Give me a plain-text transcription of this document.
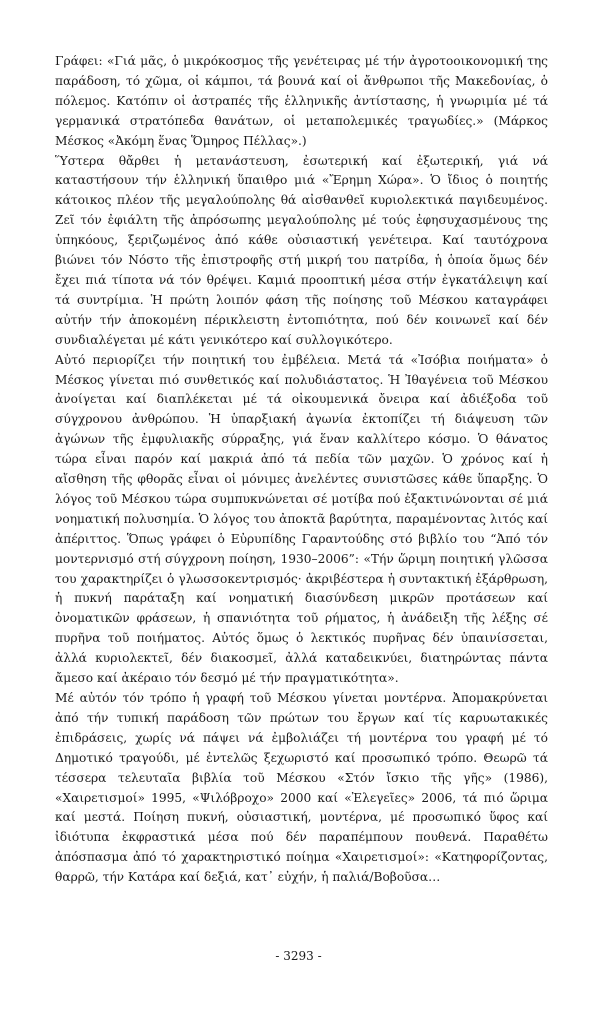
Γράφει: «Γιά μᾶς, ὁ μικρόκοσμος τῆς γενέτειρας μέ τήν ἀγροτοοικονομική της παράδοση, τό χῶμα, οἱ κάμποι, τά βουνά καί οἱ ἄνθρωποι τῆς Μακεδονίας, ὁ πόλεμος. Κατόπιν οἱ ἀστραπές τῆς ἑλληνικῆς ἀντίστασης, ἡ γνωριμία μέ τά γερμανικά στρατόπεδα θανάτων, οἱ μεταπολεμικές τραγωδίες.» (Μάρκος Μέσκος «Ἀκόμη ἕνας Ὅμηρος Πέλλας».)

Ὕστερα θἄρθει ἡ μετανάστευση, ἐσωτερική καί ἐξωτερική, γιά νά καταστήσουν τήν ἑλληνική ὕπαιθρο μιά «Ἔρημη Χώρα». Ὁ ἴδιος ὁ ποιητής κάτοικος πλέον τῆς μεγαλούπολης θά αἰσθανθεῖ κυριολεκτικά παγιδευμένος. Ζεῖ τόν ἐφιάλτη τῆς ἀπρόσωπης μεγαλούπολης μέ τούς ἐφησυχασμένους της ὑπηκόους, ξεριζωμένος ἀπό κάθε οὐσιαστική γενέτειρα. Καί ταυτόχρονα βιώνει τόν Νόστο τῆς ἐπιστροφῆς στή μικρή του πατρίδα, ἡ ὁποία ὅμως δέν ἔχει πιά τίποτα νά τόν θρέψει. Καμιά προοπτική μέσα στήν ἐγκατάλειψη καί τά συντρίμια. Ἡ πρώτη λοιπόν φάση τῆς ποίησης τοῦ Μέσκου καταγράφει αὐτήν τήν ἀποκομένη πέρικλειστη ἐντοπιότητα, πού δέν κοινωνεῖ καί δέν συνδιαλέγεται μέ κάτι γενικότερο καί συλλογικότερο.

Αὐτό περιορίζει τήν ποιητική του ἐμβέλεια. Μετά τά «Ἰσόβια ποιήματα» ὁ Μέσκος γίνεται πιό συνθετικός καί πολυδιάστατος. Ἡ Ἰθαγένεια τοῦ Μέσκου ἀνοίγεται καί διαπλέκεται μέ τά οἰκουμενικά ὄνειρα καί ἀδιέξοδα τοῦ σύγχρονου ἀνθρώπου. Ἡ ὑπαρξιακή ἀγωνία ἐκτοπίζει τή διάψευση τῶν ἀγώνων τῆς ἐμφυλιακῆς σύρραξης, γιά ἕναν καλλίτερο κόσμο. Ὁ θάνατος τώρα εἶναι παρόν καί μακριά ἀπό τά πεδία τῶν μαχῶν. Ὁ χρόνος καί ἡ αἴσθηση τῆς φθορᾶς εἶναι οἱ μόνιμες ἀνελέντες συνιστῶσες κάθε ὕπαρξης. Ὁ λόγος τοῦ Μέσκου τώρα συμπυκνώνεται σέ μοτίβα πού ἐξακτινώνονται σέ μιά νοηματική πολυσημία. Ὁ λόγος του ἀποκτᾶ βαρύτητα, παραμένοντας λιτός καί ἀπέριττος. Ὅπως γράφει ὁ Εὐρυπίδης Γαραντούδης στό βιβλίο του “Ἀπό τόν μοντερνισμό στή σύγχρονη ποίηση, 1930–2006”: «Τήν ὥριμη ποιητική γλῶσσα του χαρακτηρίζει ὁ γλωσσοκεντρισμός· ἀκριβέστερα ἡ συντακτική ἐξάρθρωση, ἡ πυκνή παράταξη καί νοηματική διασύνδεση μικρῶν προτάσεων καί ὀνοματικῶν φράσεων, ἡ σπανιότητα τοῦ ρήματος, ἡ ἀνάδειξη τῆς λέξης σέ πυρῆνα τοῦ ποιήματος. Αὐτός ὅμως ὁ λεκτικός πυρῆνας δέν ὑπαινίσσεται, ἀλλά κυριολεκτεῖ, δέν διακοσμεῖ, ἀλλά καταδεικνύει, διατηρώντας πάντα ἄμεσο καί ἀκέραιο τόν δεσμό μέ τήν πραγματικότητα».

Μέ αὐτόν τόν τρόπο ἡ γραφή τοῦ Μέσκου γίνεται μοντέρνα. Ἀπομακρύνεται ἀπό τήν τυπική παράδοση τῶν πρώτων του ἔργων καί τίς καρυωτακικές ἐπιδράσεις, χωρίς νά πάψει νά ἐμβολιάζει τή μοντέρνα του γραφή μέ τό Δημοτικό τραγούδι, μέ ἐντελῶς ξεχωριστό καί προσωπικό τρόπο. Θεωρῶ τά τέσσερα τελευταῖα βιβλία τοῦ Μέσκου «Στόν ἴσκιο τῆς γῆς» (1986), «Χαιρετισμοί» 1995, «Ψιλόβροχο» 2000 καί «Ἐλεγεῖες» 2006, τά πιό ὥριμα καί μεστά. Ποίηση πυκνή, οὐσιαστική, μοντέρνα, μέ προσωπικό ὕφος καί ἰδιότυπα ἐκφραστικά μέσα πού δέν παραπέμπουν πουθενά. Παραθέτω ἀπόσπασμα ἀπό τό χαρακτηριστικό ποίημα «Χαιρετισμοί»: «Κατηφορίζοντας, θαρρῶ, τήν Κατάρα καί δεξιά, κατ᾽ εὐχήν, ἡ παλιά/Βοβοῦσα…

- 3293 -
